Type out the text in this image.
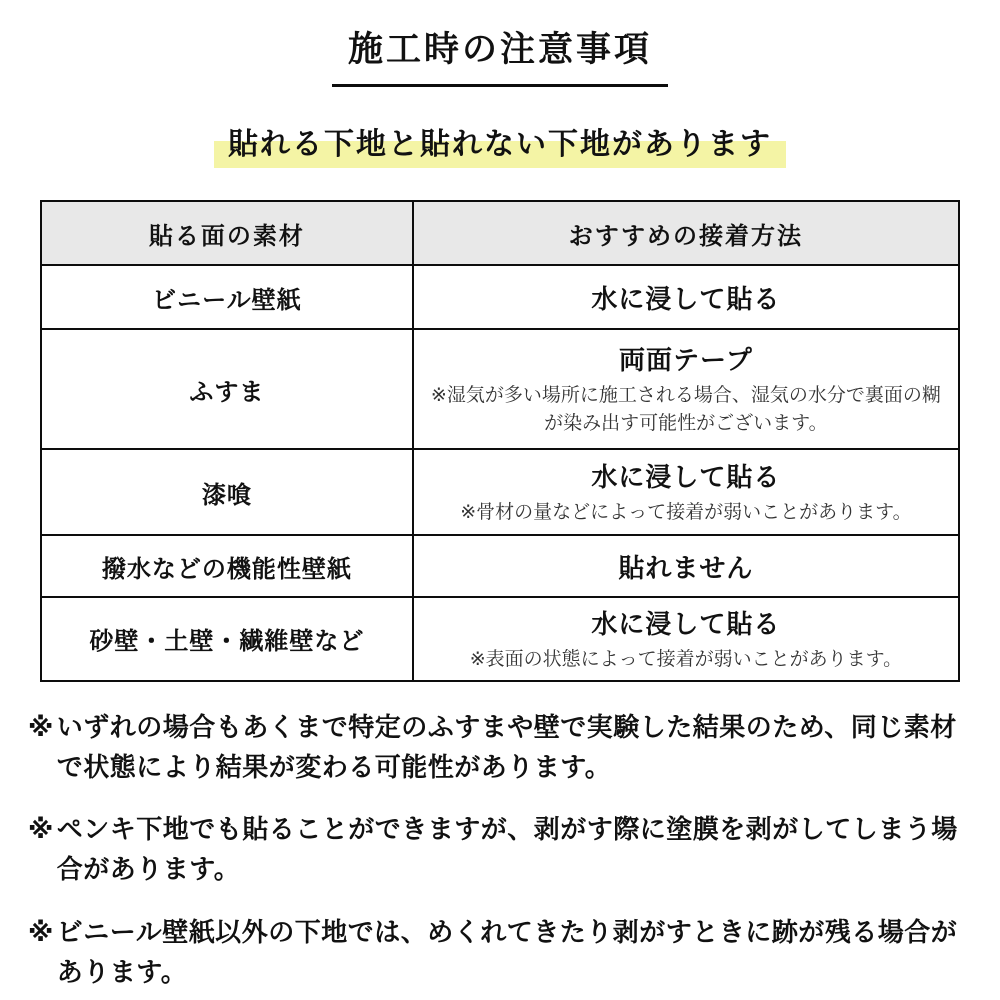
施工時の注意事項
貼れる下地と貼れない下地があります
貼る面の素材	おすすめの接着方法
ビニール壁紙	水に浸して貼る

ふすま	両面テープ
※湿気が多い場所に施工される場合、湿気の水分で裏面の糊が染み出す可能性がございます。

漆喰	水に浸して貼る
※骨材の量などによって接着が弱いことがあります。

撥水などの機能性壁紙	貼れません

砂壁・土壁・繊維壁など	水に浸して貼る
※表面の状態によって接着が弱いことがあります。
※ いずれの場合もあくまで特定のふすまや壁で実験した結果のため、同じ素材で状態により結果が変わる可能性があります。
※ ペンキ下地でも貼ることができますが、剥がす際に塗膜を剥がしてしまう場合があります。
※ ビニール壁紙以外の下地では、めくれてきたり剥がすときに跡が残る場合があります。
